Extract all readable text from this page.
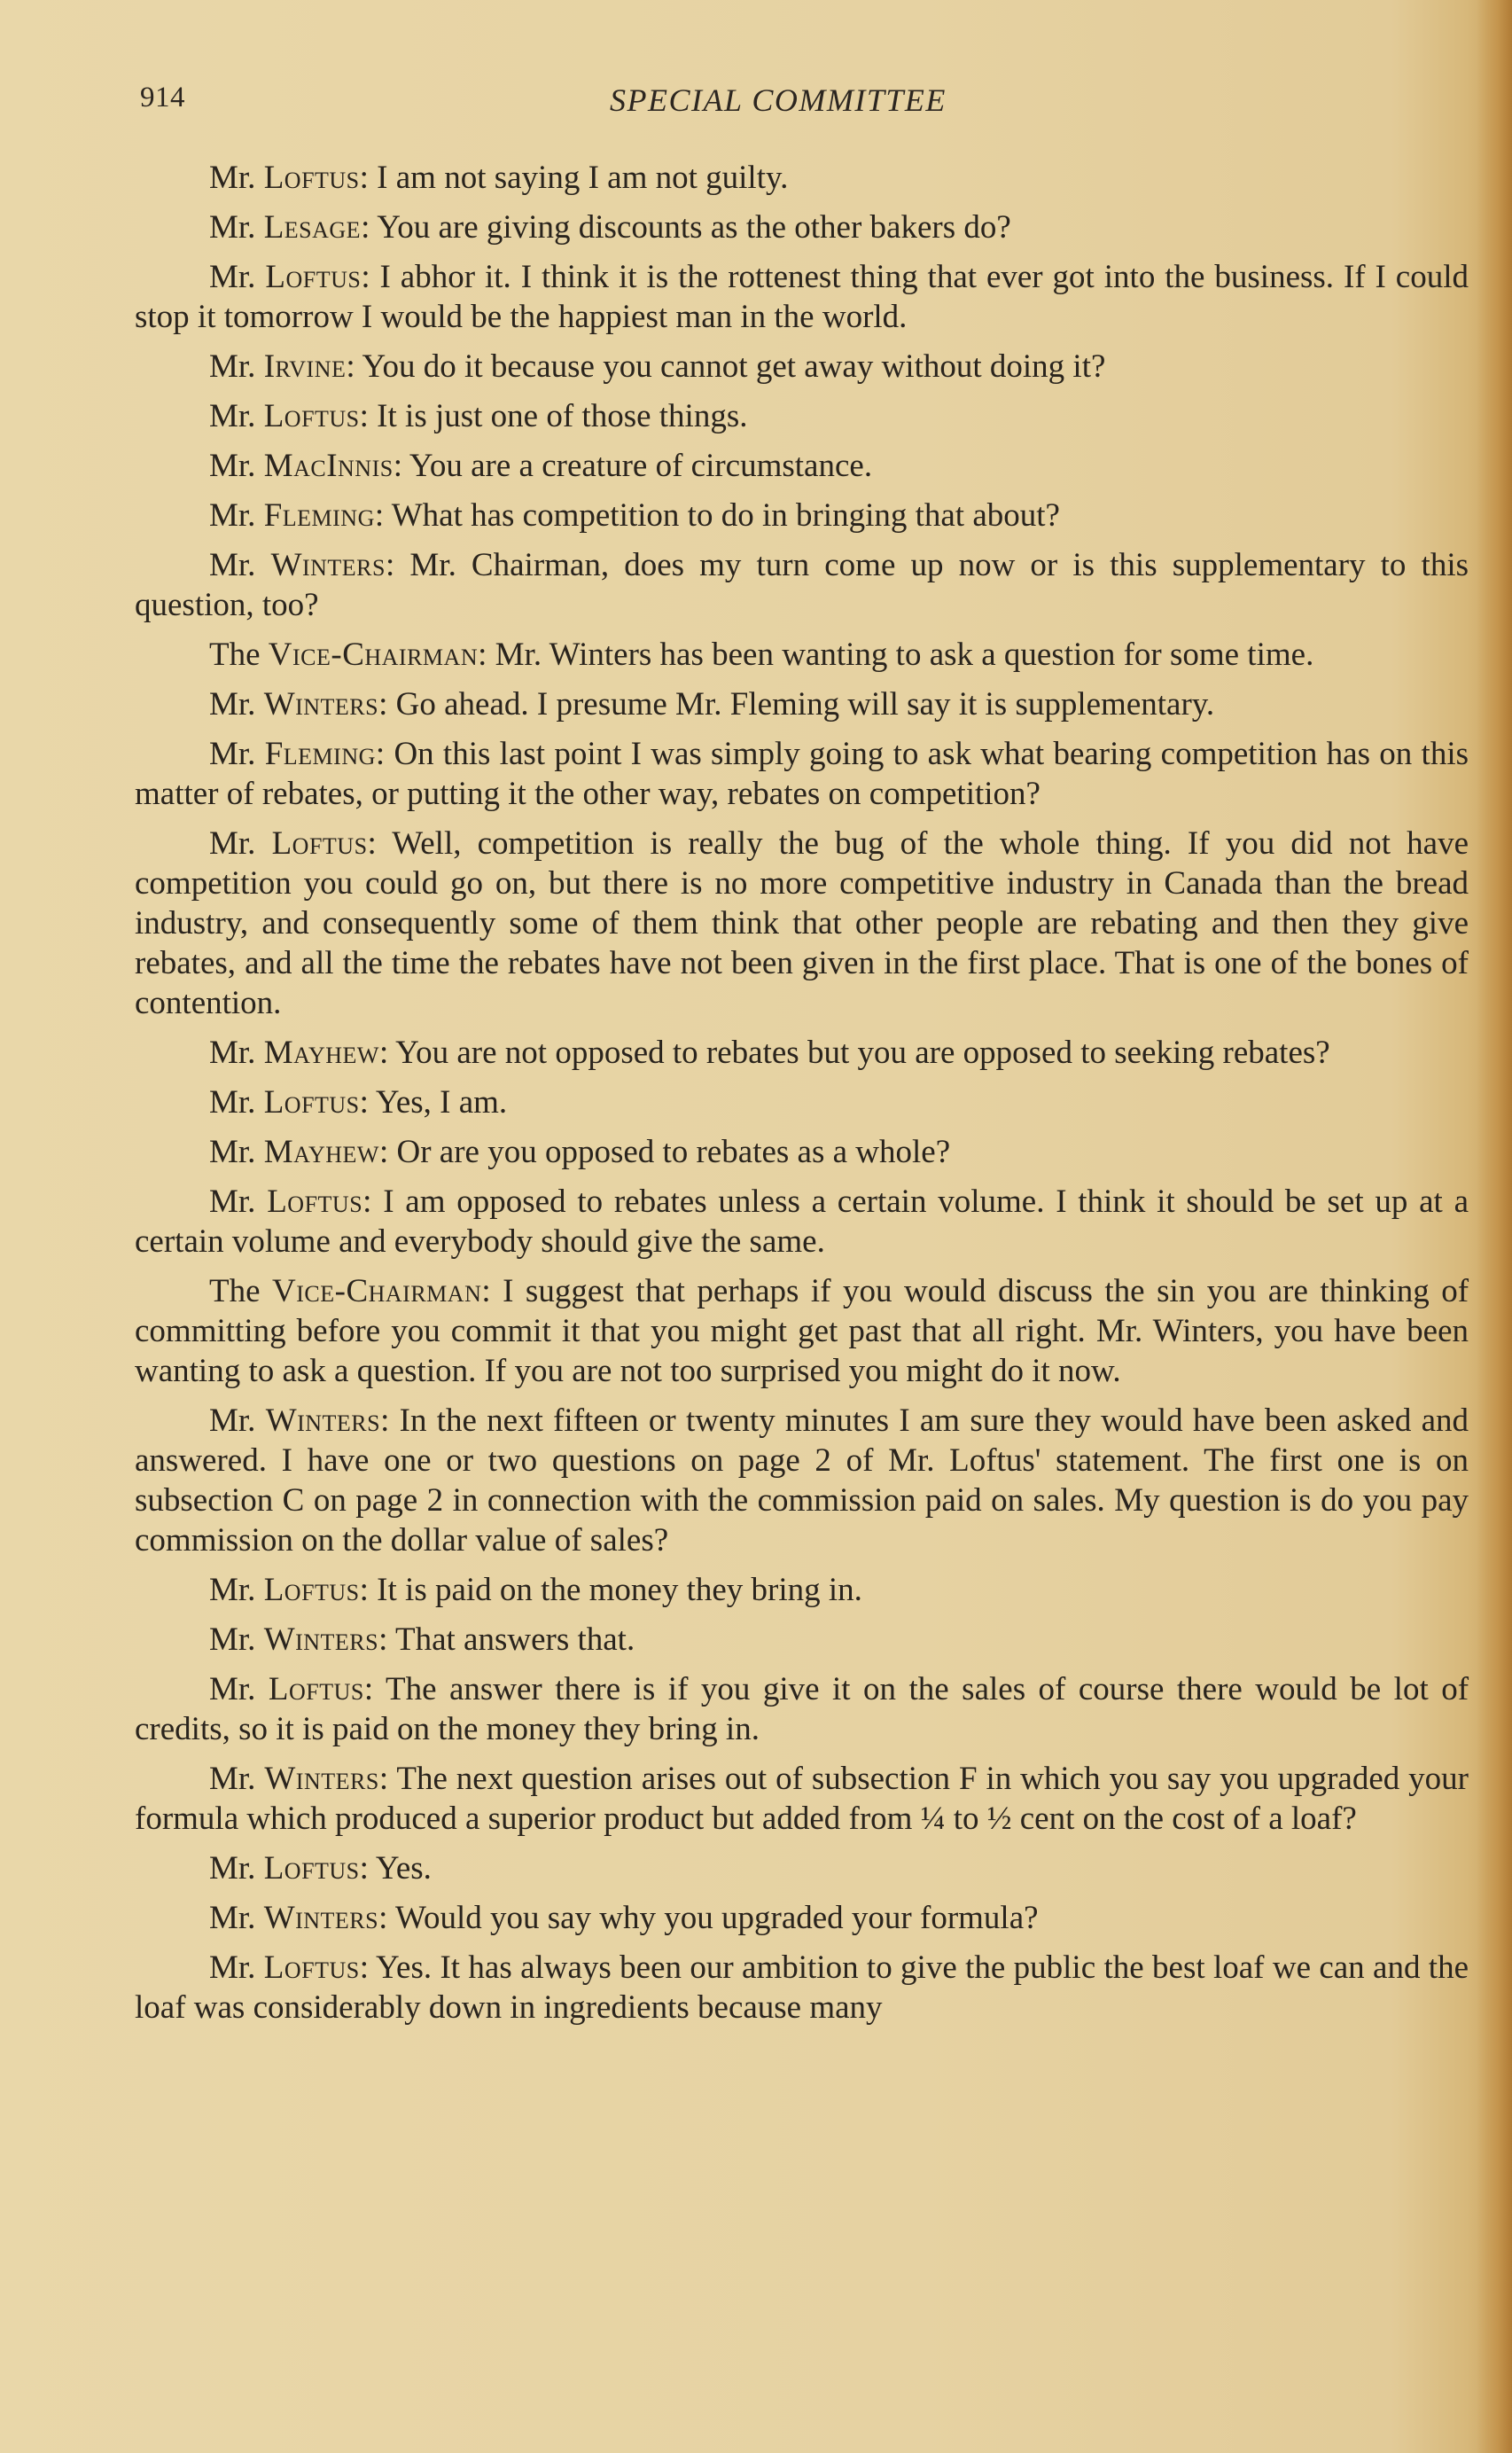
914	SPECIAL COMMITTEE

Mr. Loftus: I am not saying I am not guilty.

Mr. Lesage: You are giving discounts as the other bakers do?

Mr. Loftus: I abhor it. I think it is the rottenest thing that ever got into the business. If I could stop it tomorrow I would be the happiest man in the world.

Mr. Irvine: You do it because you cannot get away without doing it?

Mr. Loftus: It is just one of those things.

Mr. MacInnis: You are a creature of circumstance.

Mr. Fleming: What has competition to do in bringing that about?

Mr. Winters: Mr. Chairman, does my turn come up now or is this supplementary to this question, too?

The Vice-Chairman: Mr. Winters has been wanting to ask a question for some time.

Mr. Winters: Go ahead. I presume Mr. Fleming will say it is supplementary.

Mr. Fleming: On this last point I was simply going to ask what bearing competition has on this matter of rebates, or putting it the other way, rebates on competition?

Mr. Loftus: Well, competition is really the bug of the whole thing. If you did not have competition you could go on, but there is no more competitive industry in Canada than the bread industry, and consequently some of them think that other people are rebating and then they give rebates, and all the time the rebates have not been given in the first place. That is one of the bones of contention.

Mr. Mayhew: You are not opposed to rebates but you are opposed to seeking rebates?

Mr. Loftus: Yes, I am.

Mr. Mayhew: Or are you opposed to rebates as a whole?

Mr. Loftus: I am opposed to rebates unless a certain volume. I think it should be set up at a certain volume and everybody should give the same.

The Vice-Chairman: I suggest that perhaps if you would discuss the sin you are thinking of committing before you commit it that you might get past that all right. Mr. Winters, you have been wanting to ask a question. If you are not too surprised you might do it now.

Mr. Winters: In the next fifteen or twenty minutes I am sure they would have been asked and answered. I have one or two questions on page 2 of Mr. Loftus' statement. The first one is on subsection C on page 2 in connection with the commission paid on sales. My question is do you pay commission on the dollar value of sales?

Mr. Loftus: It is paid on the money they bring in.

Mr. Winters: That answers that.

Mr. Loftus: The answer there is if you give it on the sales of course there would be lot of credits, so it is paid on the money they bring in.

Mr. Winters: The next question arises out of subsection F in which you say you upgraded your formula which produced a superior product but added from ¼ to ½ cent on the cost of a loaf?

Mr. Loftus: Yes.

Mr. Winters: Would you say why you upgraded your formula?

Mr. Loftus: Yes. It has always been our ambition to give the public the best loaf we can and the loaf was considerably down in ingredients because many
